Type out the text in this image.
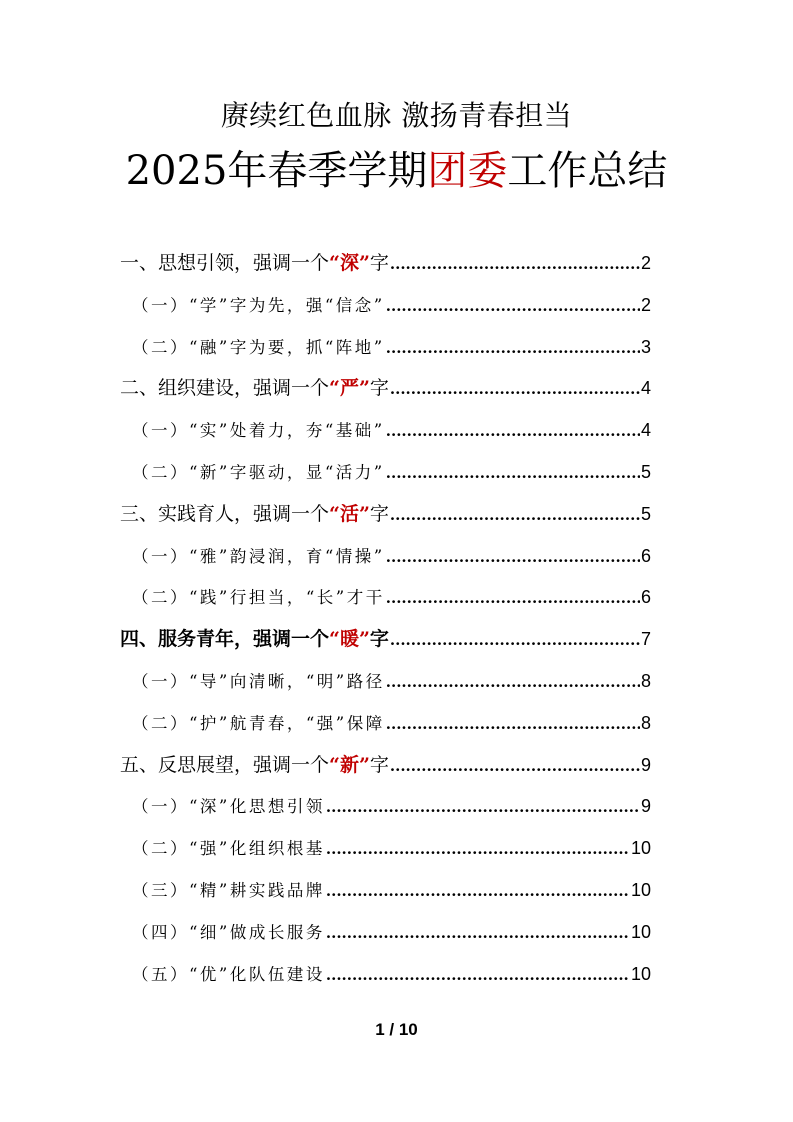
赓续红色血脉 激扬青春担当
2025年春季学期团委工作总结
一、思想引领，强调一个“深”字 .....	2
（一）“学”字为先，强“信念” .....	2
（二）“融”字为要，抓“阵地” .....	3
二、组织建设，强调一个“严”字 .....	4
（一）“实”处着力，夯“基础” .....	4
（二）“新”字驱动，显“活力” .....	5
三、实践育人，强调一个“活”字 .....	5
（一）“雅”韵浸润，育“情操” .....	6
（二）“践”行担当，“长”才干 .....	6
四、服务青年，强调一个“暖”字 .....	7
（一）“导”向清晰，“明”路径 .....	8
（二）“护”航青春，“强”保障 .....	8
五、反思展望，强调一个“新”字 .....	9
（一）“深”化思想引领 .....	9
（二）“强”化组织根基 .....	10
（三）“精”耕实践品牌 .....	10
（四）“细”做成长服务 .....	10
（五）“优”化队伍建设 .....	10
1 / 10
